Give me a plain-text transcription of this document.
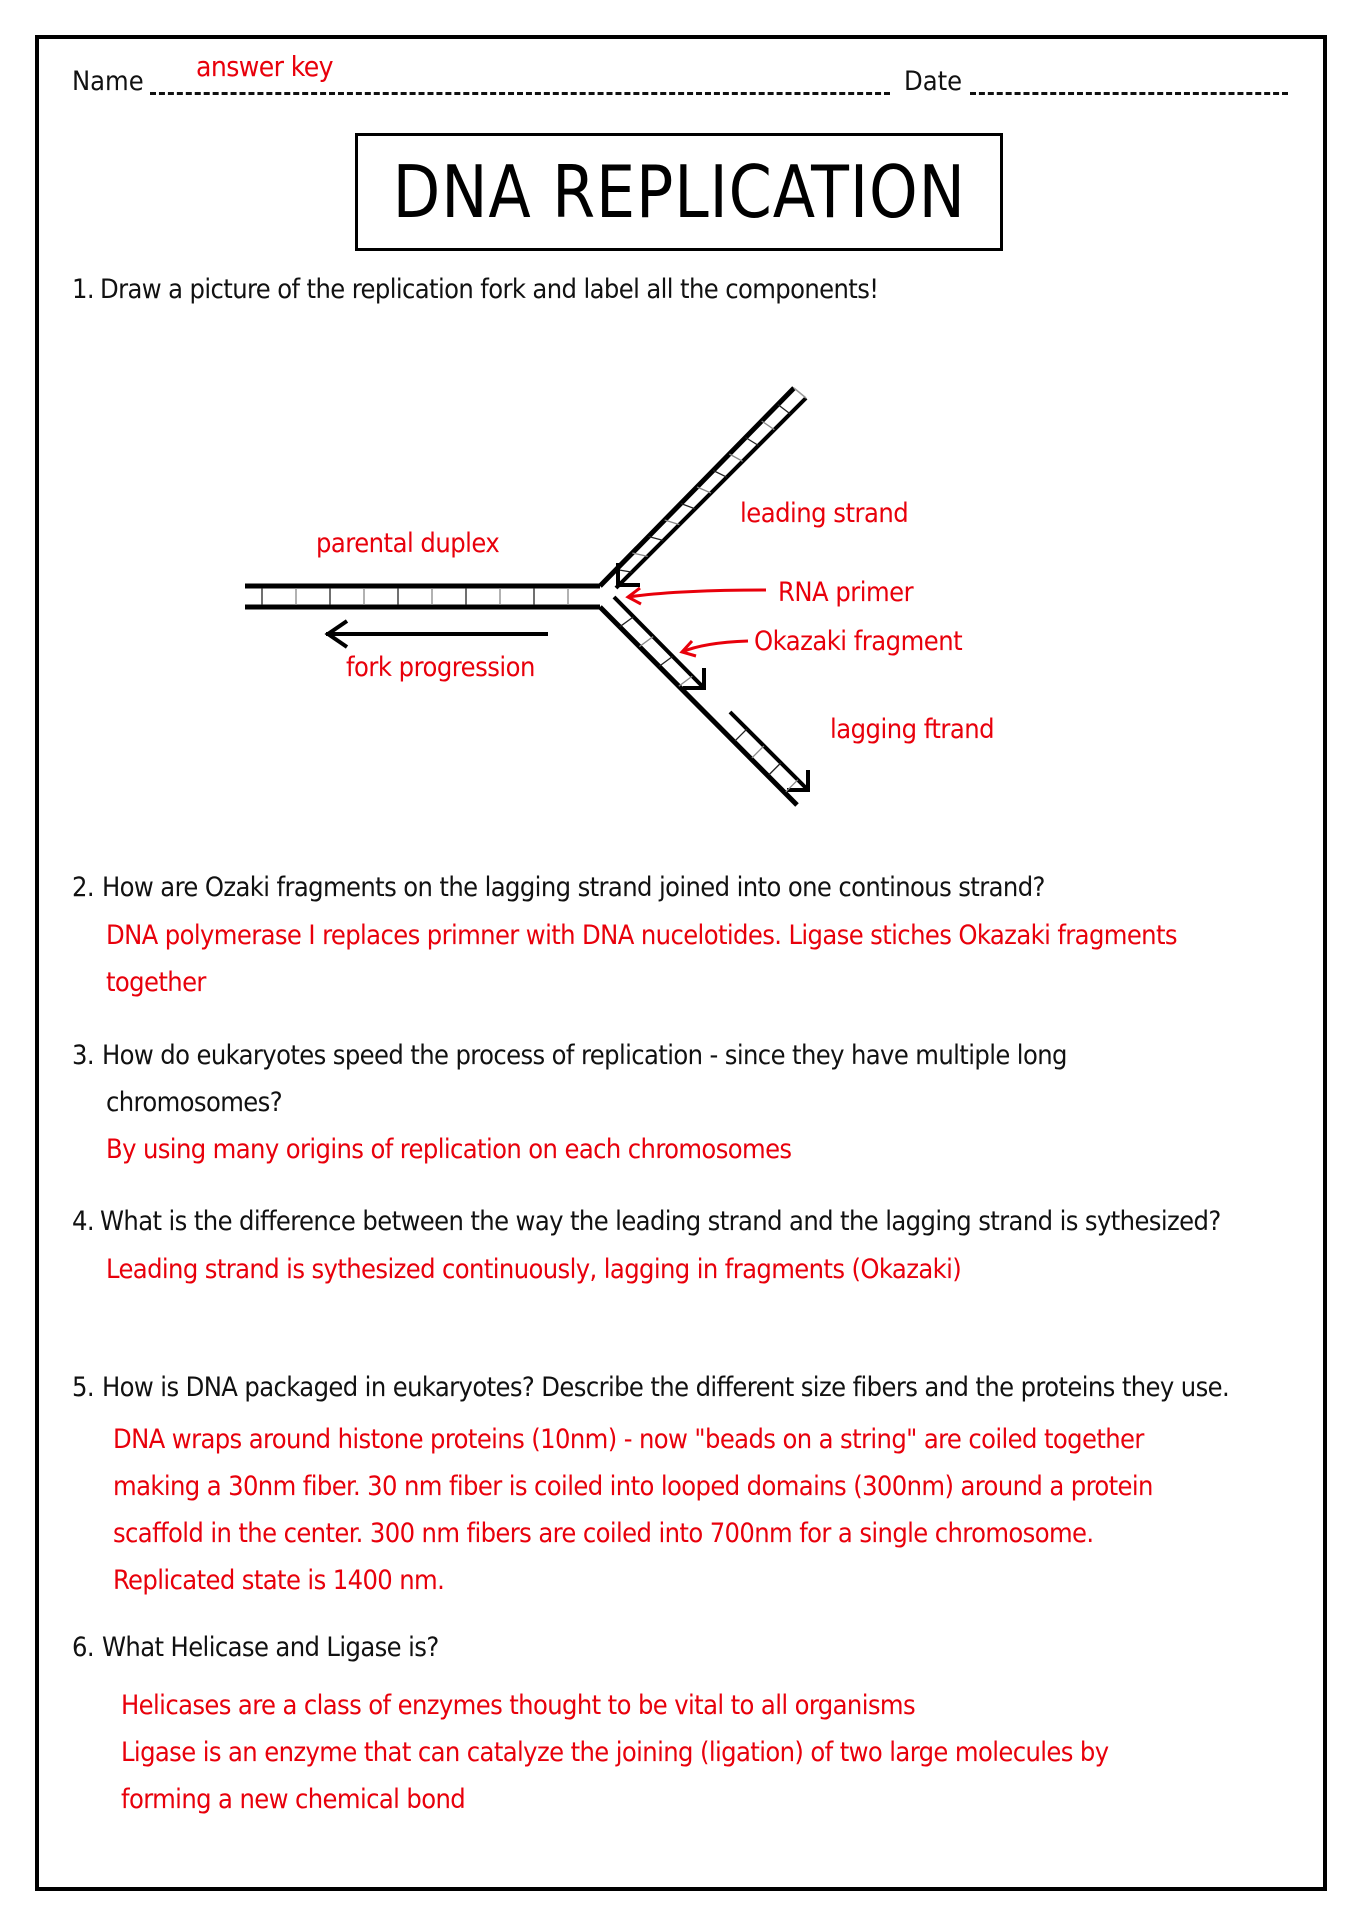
Name answer key	Date
DNA REPLICATION
1. Draw a picture of the replication fork and label all the components!
parental duplex
fork progression
leading strand
RNA primer
Okazaki fragment
lagging ftrand
2. How are Ozaki fragments on the lagging strand joined into one continous strand?
DNA polymerase I replaces primner with DNA nucelotides. Ligase stiches Okazaki fragments
together
3. How do eukaryotes speed the process of replication - since they have multiple long
chromosomes?
By using many origins of replication on each chromosomes
4. What is the difference between the way the leading strand and the lagging strand is sythesized?
Leading strand is sythesized continuously, lagging in fragments (Okazaki)
5. How is DNA packaged in eukaryotes? Describe the different size fibers and the proteins they use.
DNA wraps around histone proteins (10nm) - now "beads on a string" are coiled together
making a 30nm fiber. 30 nm fiber is coiled into looped domains (300nm) around a protein
scaffold in the center. 300 nm fibers are coiled into 700nm for a single chromosome.
Replicated state is 1400 nm.
6. What Helicase and Ligase is?
Helicases are a class of enzymes thought to be vital to all organisms
Ligase is an enzyme that can catalyze the joining (ligation) of two large molecules by
forming a new chemical bond
